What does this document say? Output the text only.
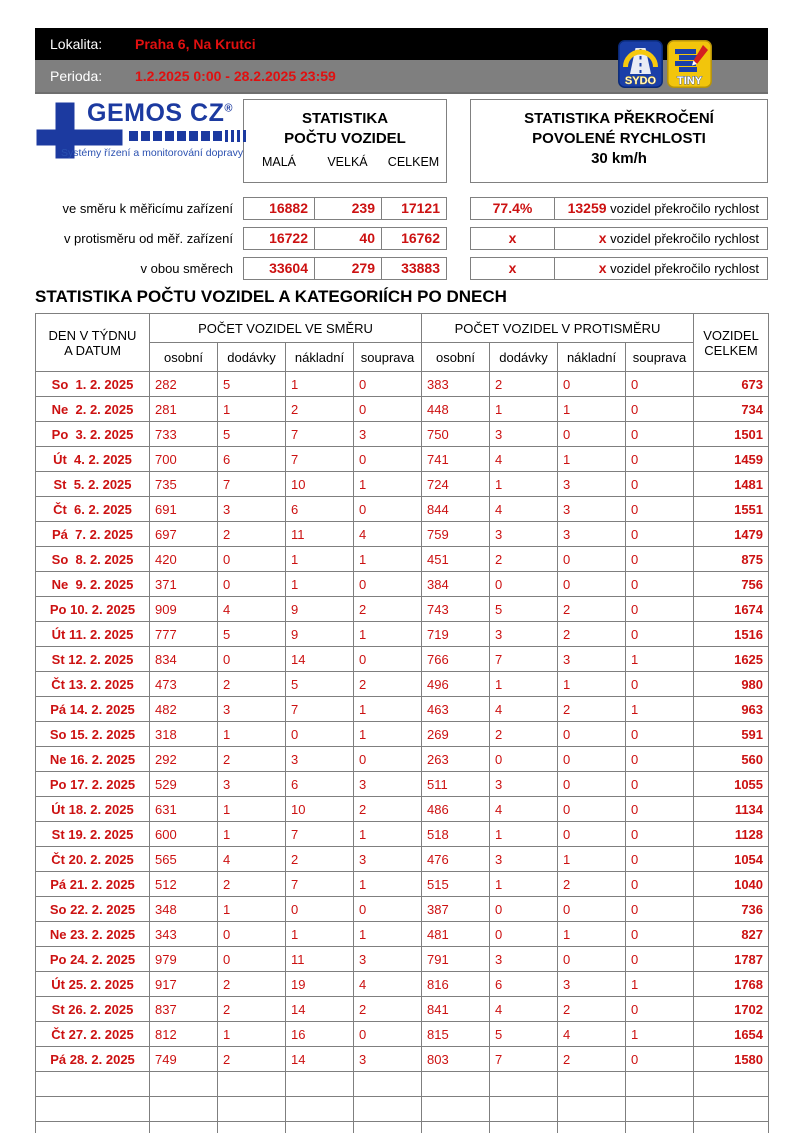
Lokalita:	Praha 6, Na Krutci
Perioda:	1.2.2025 0:00 - 28.2.2025 23:59	SYDO TINY
GEMOS CZ®
Systémy řízení a monitorování dopravy
STATISTIKA
POČTU VOZIDEL
MALÁ	VELKÁ	CELKEM
STATISTIKA PŘEKROČENÍ
POVOLENÉ RYCHLOSTI
30 km/h
ve směru k měřicímu zařízení	16882	239	17121	77.4%	13259 vozidel překročilo rychlost
v protisměru od měř. zařízení	16722	40	16762	x	x vozidel překročilo rychlost
v obou směrech	33604	279	33883	x	x vozidel překročilo rychlost
STATISTIKA POČTU VOZIDEL A KATEGORIÍCH PO DNECH
DEN V TÝDNU
A DATUM	POČET VOZIDEL VE SMĚRU				POČET VOZIDEL V PROTISMĚRU				VOZIDEL
CELKEM
	osobní	dodávky	nákladní	souprava	osobní	dodávky	nákladní	souprava	
So  1. 2. 2025	282	5	1	0	383	2	0	0	673
Ne  2. 2. 2025	281	1	2	0	448	1	1	0	734
Po  3. 2. 2025	733	5	7	3	750	3	0	0	1501
Út  4. 2. 2025	700	6	7	0	741	4	1	0	1459
St  5. 2. 2025	735	7	10	1	724	1	3	0	1481
Čt  6. 2. 2025	691	3	6	0	844	4	3	0	1551
Pá  7. 2. 2025	697	2	11	4	759	3	3	0	1479
So  8. 2. 2025	420	0	1	1	451	2	0	0	875
Ne  9. 2. 2025	371	0	1	0	384	0	0	0	756
Po 10. 2. 2025	909	4	9	2	743	5	2	0	1674
Út 11. 2. 2025	777	5	9	1	719	3	2	0	1516
St 12. 2. 2025	834	0	14	0	766	7	3	1	1625
Čt 13. 2. 2025	473	2	5	2	496	1	1	0	980
Pá 14. 2. 2025	482	3	7	1	463	4	2	1	963
So 15. 2. 2025	318	1	0	1	269	2	0	0	591
Ne 16. 2. 2025	292	2	3	0	263	0	0	0	560
Po 17. 2. 2025	529	3	6	3	511	3	0	0	1055
Út 18. 2. 2025	631	1	10	2	486	4	0	0	1134
St 19. 2. 2025	600	1	7	1	518	1	0	0	1128
Čt 20. 2. 2025	565	4	2	3	476	3	1	0	1054
Pá 21. 2. 2025	512	2	7	1	515	1	2	0	1040
So 22. 2. 2025	348	1	0	0	387	0	0	0	736
Ne 23. 2. 2025	343	0	1	1	481	0	1	0	827
Po 24. 2. 2025	979	0	11	3	791	3	0	0	1787
Út 25. 2. 2025	917	2	19	4	816	6	3	1	1768
St 26. 2. 2025	837	2	14	2	841	4	2	0	1702
Čt 27. 2. 2025	812	1	16	0	815	5	4	1	1654
Pá 28. 2. 2025	749	2	14	3	803	7	2	0	1580
